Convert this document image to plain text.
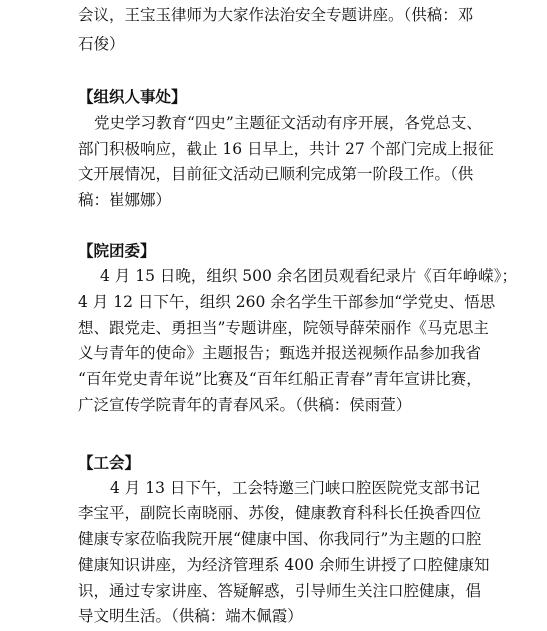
会议，王宝玉律师为大家作法治安全专题讲座。（供稿：邓
石俊）
【组织人事处】
党史学习教育“四史”主题征文活动有序开展，各党总支、
部门积极响应，截止 16 日早上，共计 27 个部门完成上报征
文开展情况，目前征文活动已顺利完成第一阶段工作。（供
稿：崔娜娜）
【院团委】
4 月 15 日晚，组织 500 余名团员观看纪录片《百年峥嵘》；
4 月 12 日下午，组织 260 余名学生干部参加“学党史、悟思
想、跟党走、勇担当”专题讲座，院领导薛荣丽作《马克思主
义与青年的使命》主题报告；甄选并报送视频作品参加我省
“百年党史青年说”比赛及“百年红船正青春”青年宣讲比赛，
广泛宣传学院青年的青春风采。（供稿：侯雨萱）
【工会】
4 月 13 日下午，工会特邀三门峡口腔医院党支部书记
李宝平，副院长南晓丽、苏俊，健康教育科科长任换香四位
健康专家莅临我院开展“健康中国、你我同行”为主题的口腔
健康知识讲座，为经济管理系 400 余师生讲授了口腔健康知
识，通过专家讲座、答疑解惑，引导师生关注口腔健康，倡
导文明生活。（供稿：端木佩霞）
